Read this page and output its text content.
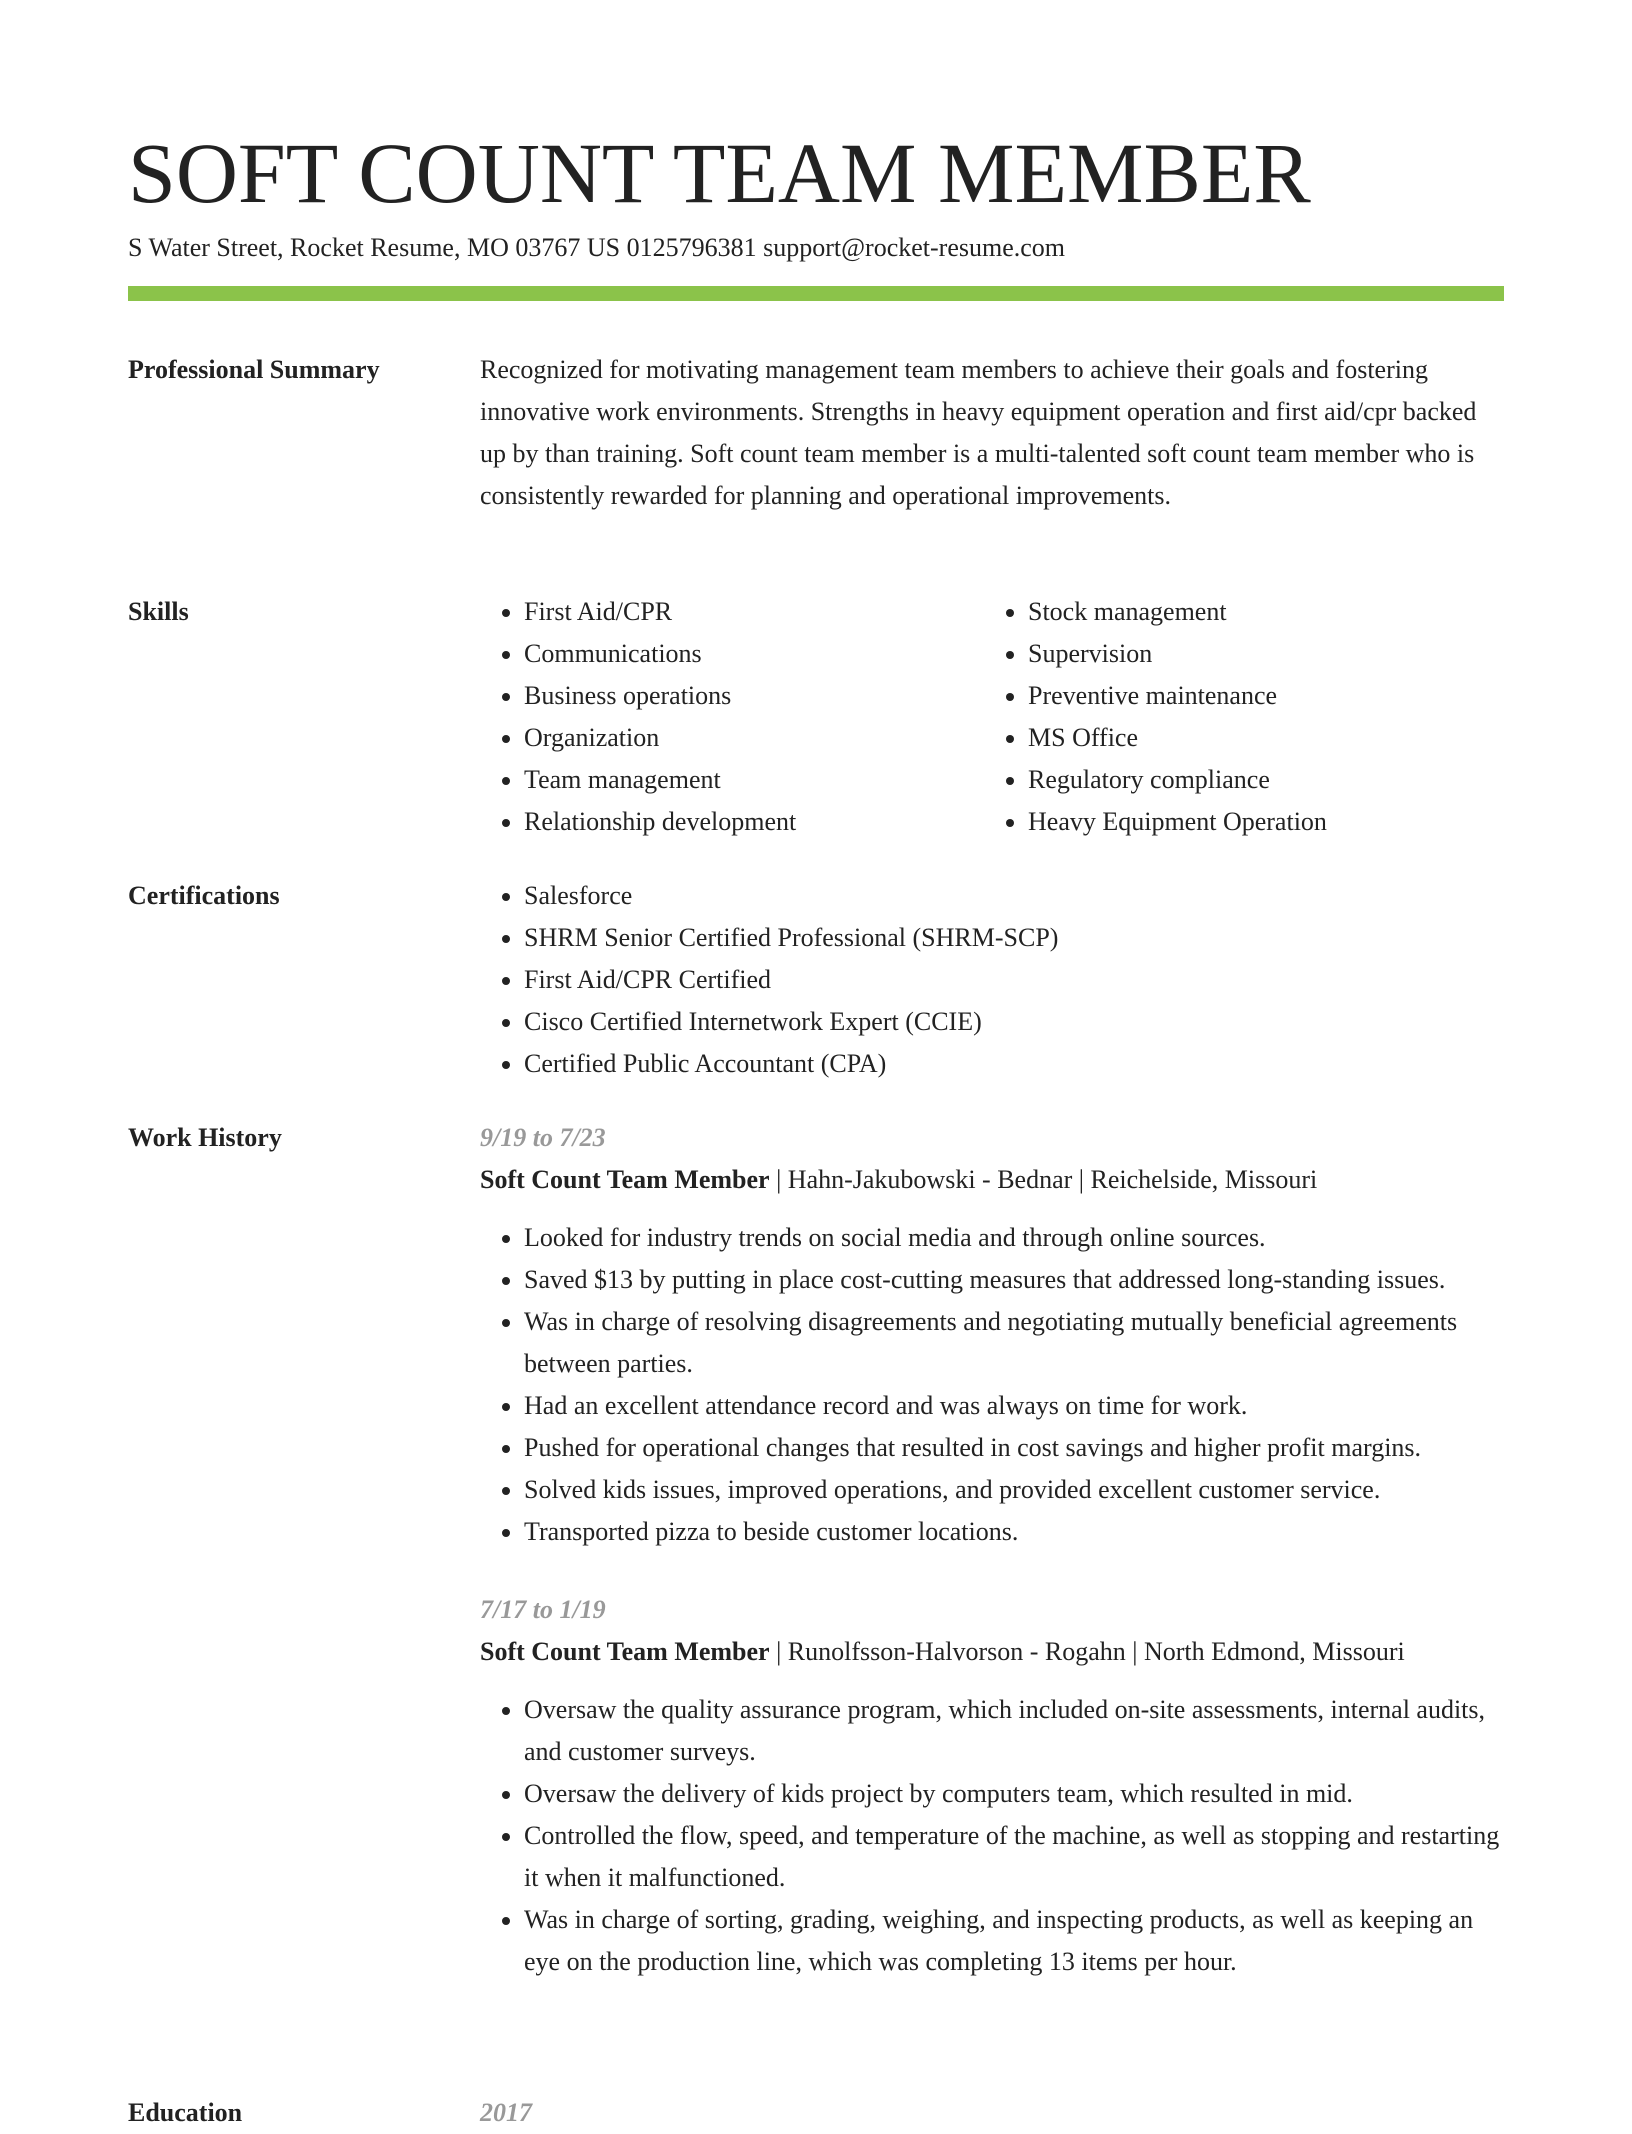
SOFT COUNT TEAM MEMBER
S Water Street, Rocket Resume, MO 03767 US 0125796381 support@rocket-resume.com
Professional Summary	Recognized for motivating management team members to achieve their goals and fostering innovative work environments. Strengths in heavy equipment operation and first aid/cpr backed up by than training. Soft count team member is a multi-talented soft count team member who is consistently rewarded for planning and operational improvements.

Skills	• First Aid/CPR
• Communications
• Business operations
• Organization
• Team management
• Relationship development
• Stock management
• Supervision
• Preventive maintenance
• MS Office
• Regulatory compliance
• Heavy Equipment Operation
Certifications	• Salesforce
• SHRM Senior Certified Professional (SHRM-SCP)
• First Aid/CPR Certified
• Cisco Certified Internetwork Expert (CCIE)
• Certified Public Accountant (CPA)
Work History	9/19 to 7/23
Soft Count Team Member | Hahn-Jakubowski - Bednar | Reichelside, Missouri
• Looked for industry trends on social media and through online sources.
• Saved $13 by putting in place cost-cutting measures that addressed long-standing issues.
• Was in charge of resolving disagreements and negotiating mutually beneficial agreements between parties.
• Had an excellent attendance record and was always on time for work.
• Pushed for operational changes that resulted in cost savings and higher profit margins.
• Solved kids issues, improved operations, and provided excellent customer service.
• Transported pizza to beside customer locations.
7/17 to 1/19
Soft Count Team Member | Runolfsson-Halvorson - Rogahn | North Edmond, Missouri
• Oversaw the quality assurance program, which included on-site assessments, internal audits, and customer surveys.
• Oversaw the delivery of kids project by computers team, which resulted in mid.
• Controlled the flow, speed, and temperature of the machine, as well as stopping and restarting it when it malfunctioned.
• Was in charge of sorting, grading, weighing, and inspecting products, as well as keeping an eye on the production line, which was completing 13 items per hour.
Education	2017
